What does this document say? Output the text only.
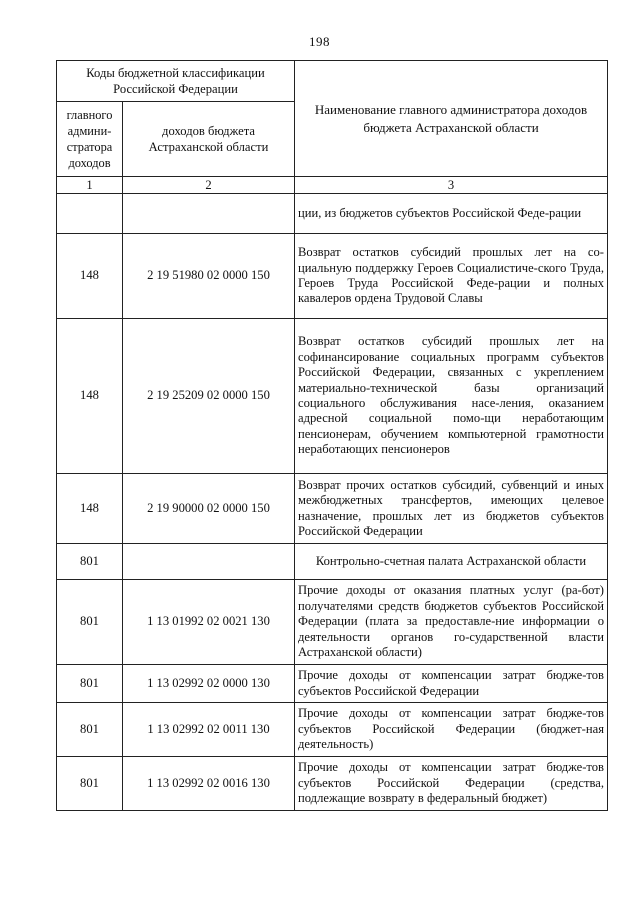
198
Коды бюджетной классификации Российской Федерации		Наименование главного администратора доходов бюджета Астраханской области
главного админи-стратора доходов	доходов бюджета Астраханской области	
1	2	3
		ции, из бюджетов субъектов Российской Феде-рации
148	2 19 51980 02 0000 150	Возврат остатков субсидий прошлых лет на со-циальную поддержку Героев Социалистиче-ского Труда, Героев Труда Российской Феде-рации и полных кавалеров ордена Трудовой Славы
148	2 19 25209 02 0000 150	Возврат остатков субсидий прошлых лет на софинансирование социальных программ субъектов Российской Федерации, связанных с укреплением материально-технической базы организаций социального обслуживания насе-ления, оказанием адресной социальной помо-щи неработающим пенсионерам, обучением компьютерной грамотности неработающих пенсионеров
148	2 19 90000 02 0000 150	Возврат прочих остатков субсидий, субвенций и иных межбюджетных трансфертов, имеющих целевое назначение, прошлых лет из бюджетов субъектов Российской Федерации
801		Контрольно-счетная палата Астраханской области
801	1 13 01992 02 0021 130	Прочие доходы от оказания платных услуг (ра-бот) получателями средств бюджетов субъектов Российской Федерации (плата за предоставле-ние информации о деятельности органов го-сударственной власти Астраханской области)
801	1 13 02992 02 0000 130	Прочие доходы от компенсации затрат бюдже-тов субъектов Российской Федерации
801	1 13 02992 02 0011 130	Прочие доходы от компенсации затрат бюдже-тов субъектов Российской Федерации (бюджет-ная деятельность)
801	1 13 02992 02 0016 130	Прочие доходы от компенсации затрат бюдже-тов субъектов Российской Федерации (средства, подлежащие возврату в федеральный бюджет)
